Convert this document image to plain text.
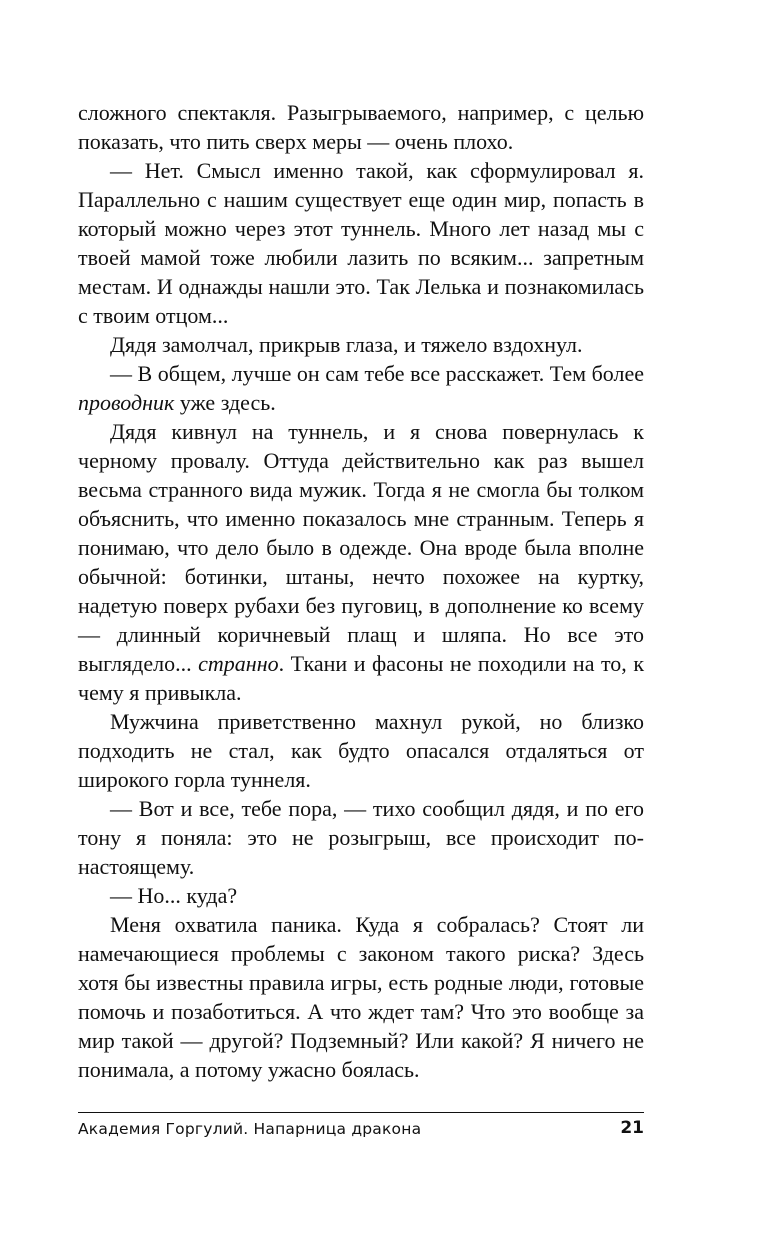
сложного спектакля. Разыгрываемого, например, с целью показать, что пить сверх меры — очень плохо.

— Нет. Смысл именно такой, как сформулировал я. Параллельно с нашим существует еще один мир, попасть в который можно через этот туннель. Много лет назад мы с твоей мамой тоже любили лазить по всяким... запретным местам. И однажды нашли это. Так Лелька и познакомилась с твоим отцом...

Дядя замолчал, прикрыв глаза, и тяжело вздохнул.

— В общем, лучше он сам тебе все расскажет. Тем более проводник уже здесь.

Дядя кивнул на туннель, и я снова повернулась к черному провалу. Оттуда действительно как раз вышел весьма странного вида мужик. Тогда я не смогла бы толком объяснить, что именно показалось мне странным. Теперь я понимаю, что дело было в одежде. Она вроде была вполне обычной: ботинки, штаны, нечто похожее на куртку, надетую поверх рубахи без пуговиц, в дополнение ко всему — длинный коричневый плащ и шляпа. Но все это выглядело... странно. Ткани и фасоны не походили на то, к чему я привыкла.

Мужчина приветственно махнул рукой, но близко подходить не стал, как будто опасался отдаляться от широкого горла туннеля.

— Вот и все, тебе пора, — тихо сообщил дядя, и по его тону я поняла: это не розыгрыш, все происходит по-настоящему.

— Но... куда?

Меня охватила паника. Куда я собралась? Стоят ли намечающиеся проблемы с законом такого риска? Здесь хотя бы известны правила игры, есть родные люди, готовые помочь и позаботиться. А что ждет там? Что это вообще за мир такой — другой? Подземный? Или какой? Я ничего не понимала, а потому ужасно боялась.

Академия Горгулий. Напарница дракона	21
